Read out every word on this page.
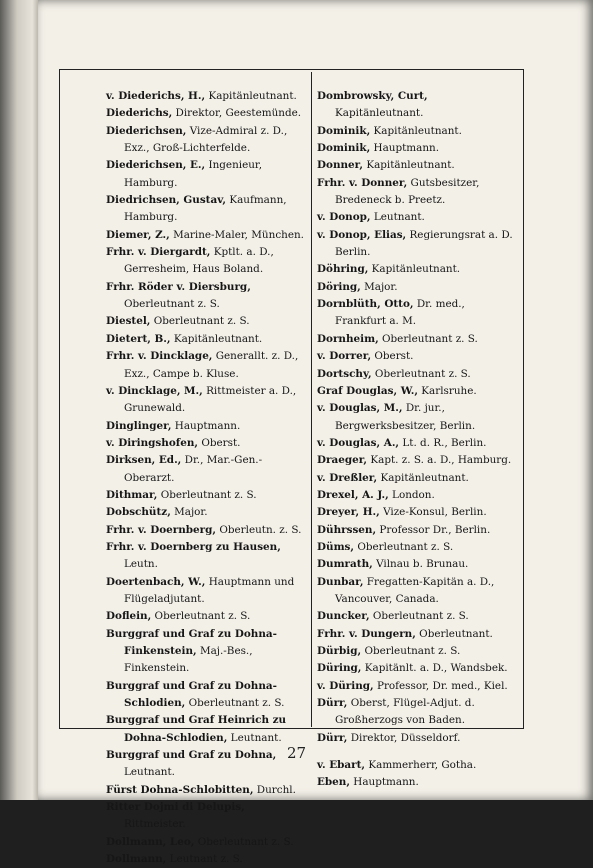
v. Diederichs, H., Kapitänleutnant.
Diederichs, Direktor, Geestemünde.
Diederichsen, Vize-Admiral z. D., Exz., Groß-Lichterfelde.
Diederichsen, E., Ingenieur, Hamburg.
Diedrichsen, Gustav, Kaufmann, Hamburg.
Diemer, Z., Marine-Maler, München.
Frhr. v. Diergardt, Kptlt. a. D., Gerresheim, Haus Boland.
Frhr. Röder v. Diersburg, Oberleutnant z. S.
Diestel, Oberleutnant z. S.
Dietert, B., Kapitänleutnant.
Frhr. v. Dincklage, Generallt. z. D., Exz., Campe b. Kluse.
v. Dincklage, M., Rittmeister a. D., Grunewald.
Dinglinger, Hauptmann.
v. Diringshofen, Oberst.
Dirksen, Ed., Dr., Mar.-Gen.-Oberarzt.
Dithmar, Oberleutnant z. S.
Dobschütz, Major.
Frhr. v. Doernberg, Oberleutn. z. S.
Frhr. v. Doernberg zu Hausen, Leutn.
Doertenbach, W., Hauptmann und Flügeladjutant.
Doflein, Oberleutnant z. S.
Burggraf und Graf zu Dohna-Finkenstein, Maj.-Bes., Finkenstein.
Burggraf und Graf zu Dohna-Schlodien, Oberleutnant z. S.
Burggraf und Graf Heinrich zu Dohna-Schlodien, Leutnant.
Burggraf und Graf zu Dohna, Leutnant.
Fürst Dohna-Schlobitten, Durchl.
Ritter Dojmi di Delupis, Rittmeister.
Dollmann, Leo, Oberleutnant z. S.
Dollmann, Leutnant z. S.
Dombrowsky, Curt, Kapitänleutnant.
Dominik, Kapitänleutnant.
Dominik, Hauptmann.
Donner, Kapitänleutnant.
Frhr. v. Donner, Gutsbesitzer, Bredeneck b. Preetz.
v. Donop, Leutnant.
v. Donop, Elias, Regierungsrat a. D. Berlin.
Döhring, Kapitänleutnant.
Döring, Major.
Dornblüth, Otto, Dr. med., Frankfurt a. M.
Dornheim, Oberleutnant z. S.
v. Dorrer, Oberst.
Dortschy, Oberleutnant z. S.
Graf Douglas, W., Karlsruhe.
v. Douglas, M., Dr. jur., Bergwerksbesitzer, Berlin.
v. Douglas, A., Lt. d. R., Berlin.
Draeger, Kapt. z. S. a. D., Hamburg.
v. Dreßler, Kapitänleutnant.
Drexel, A. J., London.
Dreyer, H., Vize-Konsul, Berlin.
Dührssen, Professor Dr., Berlin.
Düms, Oberleutnant z. S.
Dumrath, Vilnau b. Brunau.
Dunbar, Fregatten-Kapitän a. D., Vancouver, Canada.
Duncker, Oberleutnant z. S.
Frhr. v. Dungern, Oberleutnant.
Dürbig, Oberleutnant z. S.
Düring, Kapitänlt. a. D., Wandsbek.
v. Düring, Professor, Dr. med., Kiel.
Dürr, Oberst, Flügel-Adjut. d. Großherzogs von Baden.
Dürr, Direktor, Düsseldorf.
v. Ebart, Kammerherr, Gotha.
Eben, Hauptmann.
27
